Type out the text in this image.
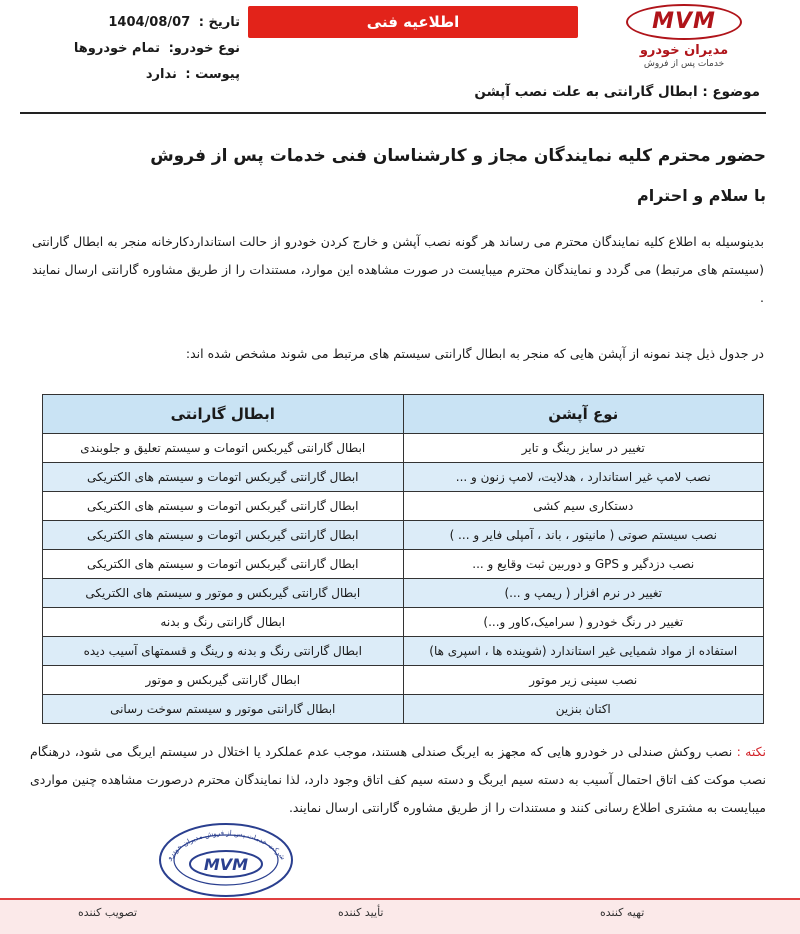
تاریخ : 1404/08/07
نوع خودرو: تمام خودروها
پیوست : ندارد
اطلاعیه فنی	MVM
مدیران خودرو
خدمات پس از فروش
موضوع : ابطال گارانتی به علت نصب آپشن
حضور محترم کلیه نمایندگان مجاز و کارشناسان فنی خدمات پس از فروش
با سلام و احترام
بدینوسیله به اطلاع کلیه نمایندگان محترم می رساند هر گونه نصب آپشن و خارج کردن خودرو از حالت استانداردکارخانه منجر به ابطال گارانتی (سیستم های مرتبط) می گردد و نمایندگان محترم میبایست در صورت مشاهده این موارد، مستندات را از طریق مشاوره گارانتی ارسال نمایند .
در جدول ذیل چند نمونه از آپشن هایی که منجر به ابطال گارانتی سیستم های مرتبط می شوند مشخص شده اند:
نوع آپشن	ابطال گارانتی
تغییر در سایز رینگ و تایر	ابطال گارانتی گیربکس اتومات و سیستم تعلیق و جلوبندی
نصب لامپ غیر استاندارد ، هدلایت، لامپ زنون و ...	ابطال گارانتی گیربکس اتومات و سیستم های الکتریکی
دستکاری سیم کشی	ابطال گارانتی گیربکس اتومات و سیستم های الکتریکی
نصب سیستم صوتی ( مانیتور ، باند ، آمپلی فایر و ... )	ابطال گارانتی گیربکس اتومات و سیستم های الکتریکی
نصب دزدگیر و GPS و دوربین ثبت وقایع و ...	ابطال گارانتی گیربکس اتومات و سیستم های الکتریکی
تغییر در نرم افزار ( ریمپ و ...)	ابطال گارانتی گیربکس و موتور و سیستم های الکتریکی
تغییر در رنگ خودرو ( سرامیک،کاور و...)	ابطال گارانتی رنگ و بدنه
استفاده از مواد شمیایی غیر استاندارد (شوینده ها ، اسپری ها)	ابطال گارانتی رنگ و بدنه و رینگ و قسمتهای آسیب دیده
نصب سینی زیر موتور	ابطال گارانتی گیربکس و موتور
اکتان بنزین	ابطال گارانتی موتور و سیستم سوخت رسانی
نکته : نصب روکش صندلی در خودرو هایی که مجهز به ایربگ صندلی هستند، موجب عدم عملکرد یا اختلال در سیستم ایربگ می شود، درهنگام نصب موکت کف اتاق احتمال آسیب به دسته سیم ایربگ و دسته سیم کف اتاق وجود دارد، لذا نمایندگان محترم درصورت مشاهده چنین مواردی میبایست به مشتری اطلاع رسانی کنند و مستندات را از طریق مشاوره گارانتی ارسال نمایند.
شرکت خدمات پس از فروش مدیران خودرو
MVM
تهیه کننده
تأیید کننده
تصویب کننده
